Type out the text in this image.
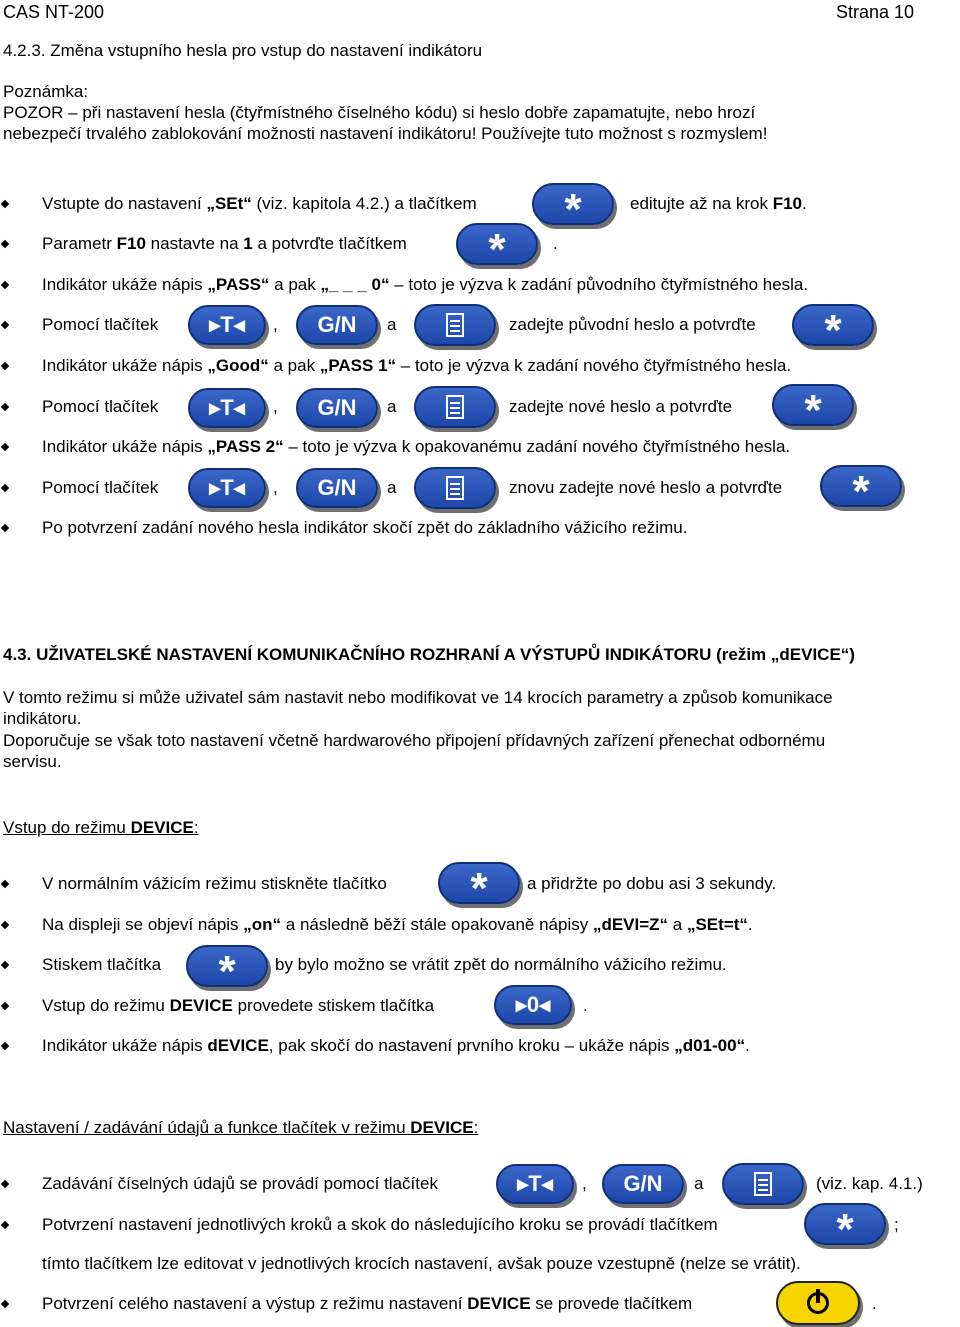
CAS NT-200	Strana 10
4.2.3. Změna vstupního hesla pro vstup do nastavení indikátoru
Poznámka:
POZOR – při nastavení hesla (čtyřmístného číselného kódu) si heslo dobře zapamatujte, nebo hrozí
nebezpečí trvalého zablokování možnosti nastavení indikátoru! Používejte tuto možnost s rozmyslem!
Vstupte do nastavení „SEt“ (viz. kapitola 4.2.) a tlačítkem	*	editujte až na krok F10.
Parametr F10 nastavte na 1 a potvrďte tlačítkem	*	.
Indikátor ukáže nápis „PASS“ a pak „_ _ _ 0“ – toto je výzva k zadání původního čtyřmístného hesla.
Pomocí tlačítek	▸T◂	,	G/N	a	zadejte původní heslo a potvrďte	*
Indikátor ukáže nápis „Good“ a pak „PASS 1“ – toto je výzva k zadání nového čtyřmístného hesla.
Pomocí tlačítek	▸T◂	,	G/N	a	zadejte nové heslo a potvrďte	*
Indikátor ukáže nápis „PASS 2“ – toto je výzva k opakovanému zadání nového čtyřmístného hesla.
Pomocí tlačítek	▸T◂	,	G/N	a	znovu zadejte nové heslo a potvrďte	*
Po potvrzení zadání nového hesla indikátor skočí zpět do základního vážicího režimu.
4.3. UŽIVATELSKÉ NASTAVENÍ KOMUNIKAČNÍHO ROZHRANÍ A VÝSTUPŮ INDIKÁTORU (režim „dEVICE“)
V tomto režimu si může uživatel sám nastavit nebo modifikovat ve 14 krocích parametry a způsob komunikace
indikátoru.
Doporučuje se však toto nastavení včetně hardwarového připojení přídavných zařízení přenechat odbornému
servisu.
Vstup do režimu DEVICE:
V normálním vážicím režimu stiskněte tlačítko	*	a přidržte po dobu asi 3 sekundy.
Na displeji se objeví nápis „on“ a následně běží stále opakovaně nápisy „dEVI=Z“ a „SEt=t“.
Stiskem tlačítka	*	by bylo možno se vrátit zpět do normálního vážicího režimu.
Vstup do režimu DEVICE provedete stiskem tlačítka	▸0◂	.
Indikátor ukáže nápis dEVICE, pak skočí do nastavení prvního kroku – ukáže nápis „d01-00“.
Nastavení / zadávání údajů a funkce tlačítek v režimu DEVICE:
Zadávání číselných údajů se provádí pomocí tlačítek	▸T◂	,	G/N	a	(viz. kap. 4.1.)
Potvrzení nastavení jednotlivých kroků a skok do následujícího kroku se provádí tlačítkem	*	;
tímto tlačítkem lze editovat v jednotlivých krocích nastavení, avšak pouze vzestupně (nelze se vrátit).
Potvrzení celého nastavení a výstup z režimu nastavení DEVICE se provede tlačítkem	.
